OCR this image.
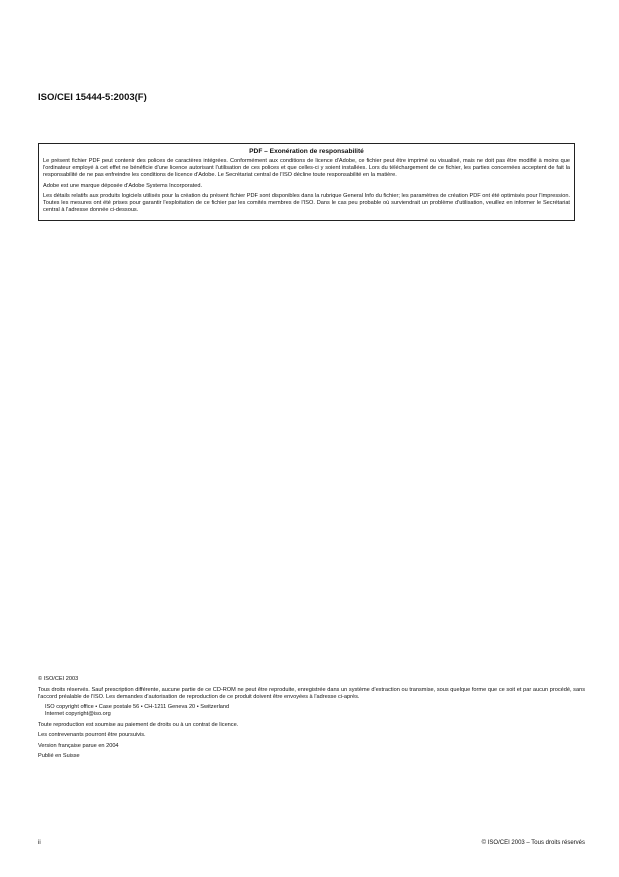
ISO/CEI 15444-5:2003(F)
PDF – Exonération de responsabilité

Le présent fichier PDF peut contenir des polices de caractères intégrées. Conformément aux conditions de licence d'Adobe, ce fichier peut être imprimé ou visualisé, mais ne doit pas être modifié à moins que l'ordinateur employé à cet effet ne bénéficie d'une licence autorisant l'utilisation de ces polices et que celles-ci y soient installées. Lors du téléchargement de ce fichier, les parties concernées acceptent de fait la responsabilité de ne pas enfreindre les conditions de licence d'Adobe. Le Secrétariat central de l'ISO décline toute responsabilité en la matière.

Adobe est une marque déposée d'Adobe Systems Incorporated.

Les détails relatifs aux produits logiciels utilisés pour la création du présent fichier PDF sont disponibles dans la rubrique General Info du fichier; les paramètres de création PDF ont été optimisés pour l'impression. Toutes les mesures ont été prises pour garantir l'exploitation de ce fichier par les comités membres de l'ISO. Dans le cas peu probable où surviendrait un problème d'utilisation, veuillez en informer le Secrétariat central à l'adresse donnée ci-dessous.

© ISO/CEI 2003

Tous droits réservés. Sauf prescription différente, aucune partie de ce CD-ROM ne peut être reproduite, enregistrée dans un système d'extraction ou transmise, sous quelque forme que ce soit et par aucun procédé, sans l'accord préalable de l'ISO. Les demandes d'autorisation de reproduction de ce produit doivent être envoyées à l'adresse ci-après.

ISO copyright office • Case postale 56 • CH-1211 Geneva 20 • Switzerland
Internet copyright@iso.org

Toute reproduction est soumise au paiement de droits ou à un contrat de licence.

Les contrevenants pourront être poursuivis.

Version française parue en 2004

Publié en Suisse

ii	© ISO/CEI 2003 – Tous droits réservés
